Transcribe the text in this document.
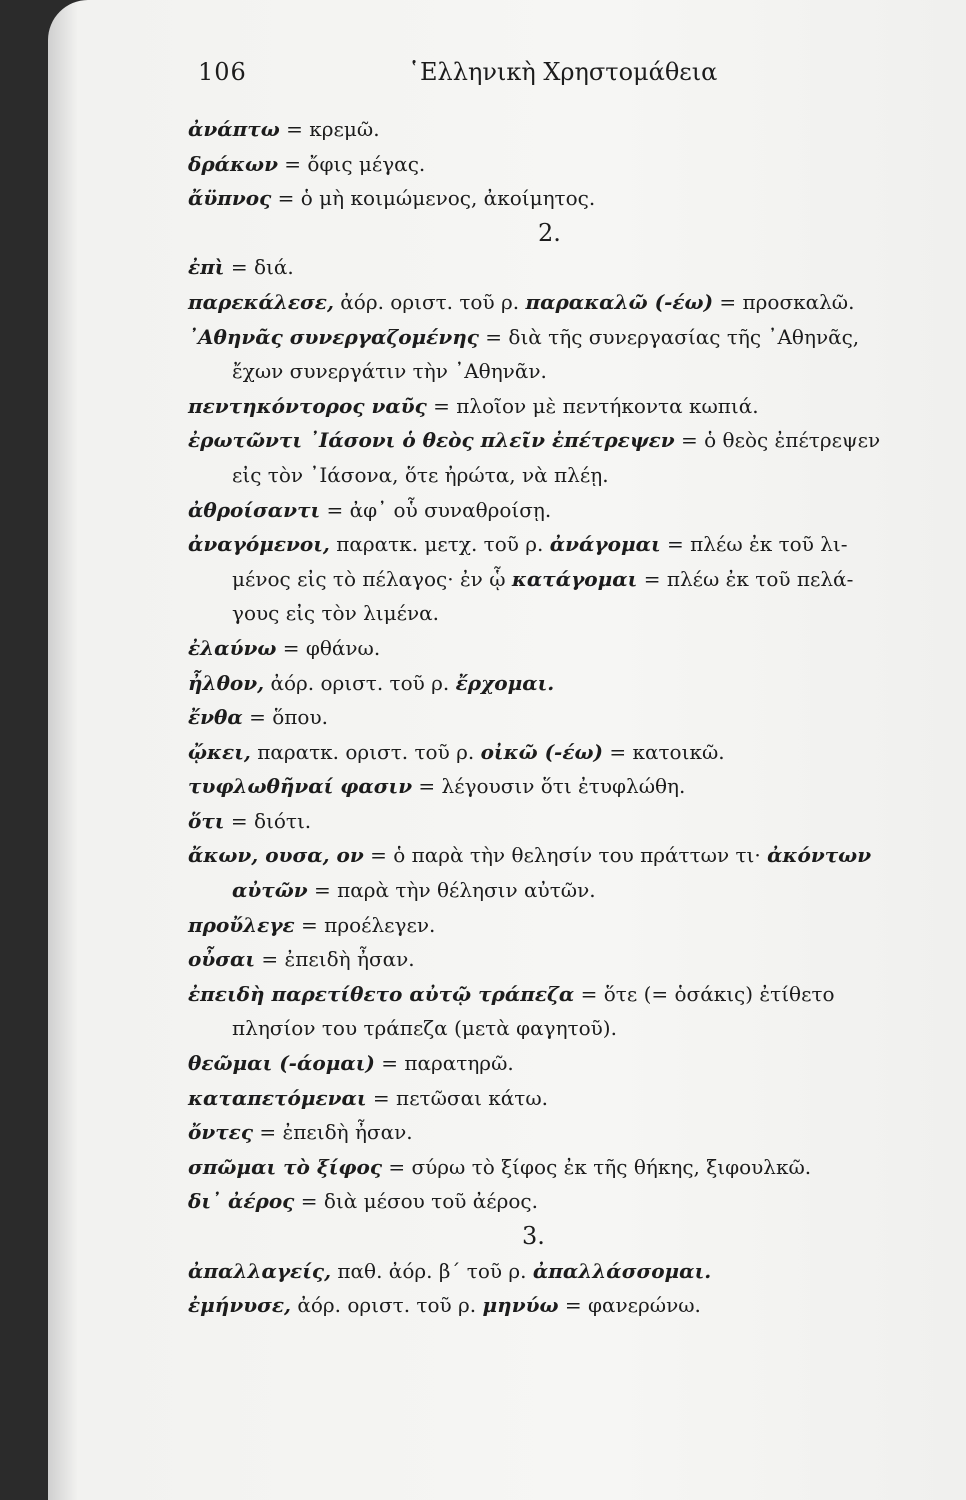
106	῾Ελληνικὴ Χρηστομάθεια
ἀνάπτω = κρεμῶ.
δράκων = ὄφις μέγας.
ἄϋπνος = ὁ μὴ κοιμώμενος, ἀκοίμητος.
2.
ἐπὶ = διά.
παρεκάλεσε, ἀόρ. οριστ. τοῦ ρ. παρακαλῶ (-έω) = προσκαλῶ.
᾿Αθηνᾶς συνεργαζομένης = διὰ τῆς συνεργασίας τῆς ᾿Αθηνᾶς,
ἔχων συνεργάτιν τὴν ᾿Αθηνᾶν.
πεντηκόντορος ναῦς = πλοῖον μὲ πεντήκοντα κωπιά.
ἐρωτῶντι ᾿Ιάσονι ὁ θεὸς πλεῖν ἐπέτρεψεν = ὁ θεὸς ἐπέτρεψεν
εἰς τὸν ᾿Ιάσονα, ὅτε ἠρώτα, νὰ πλέῃ.
ἀθροίσαντι = ἀφ᾿ οὗ συναθροίσῃ.
ἀναγόμενοι, παρατκ. μετχ. τοῦ ρ. ἀνάγομαι = πλέω ἐκ τοῦ λι-
μένος εἰς τὸ πέλαγος· ἐν ᾧ κατάγομαι = πλέω ἐκ τοῦ πελά-
γους εἰς τὸν λιμένα.
ἐλαύνω = φθάνω.
ἦλθον, ἀόρ. οριστ. τοῦ ρ. ἔρχομαι.
ἔνθα = ὅπου.
ᾤκει, παρατκ. οριστ. τοῦ ρ. οἰκῶ (-έω) = κατοικῶ.
τυφλωθῆναί φασιν = λέγουσιν ὅτι ἐτυφλώθη.
ὅτι = διότι.
ἄκων, ουσα, ον = ὁ παρὰ τὴν θελησίν του πράττων τι· ἀκόντων
αὐτῶν = παρὰ τὴν θέλησιν αὐτῶν.
προὔλεγε = προέλεγεν.
οὖσαι = ἐπειδὴ ἦσαν.
ἐπειδὴ παρετίθετο αὐτῷ τράπεζα = ὅτε (= ὁσάκις) ἐτίθετο
πλησίον του τράπεζα (μετὰ φαγητοῦ).
θεῶμαι (-άομαι) = παρατηρῶ.
καταπετόμεναι = πετῶσαι κάτω.
ὄντες = ἐπειδὴ ἦσαν.
σπῶμαι τὸ ξίφος = σύρω τὸ ξίφος ἐκ τῆς θήκης, ξιφουλκῶ.
δι᾿ ἀέρος = διὰ μέσου τοῦ ἀέρος.
3.
ἀπαλλαγείς, παθ. ἀόρ. β΄ τοῦ ρ. ἀπαλλάσσομαι.
ἐμήνυσε, ἀόρ. οριστ. τοῦ ρ. μηνύω = φανερώνω.
